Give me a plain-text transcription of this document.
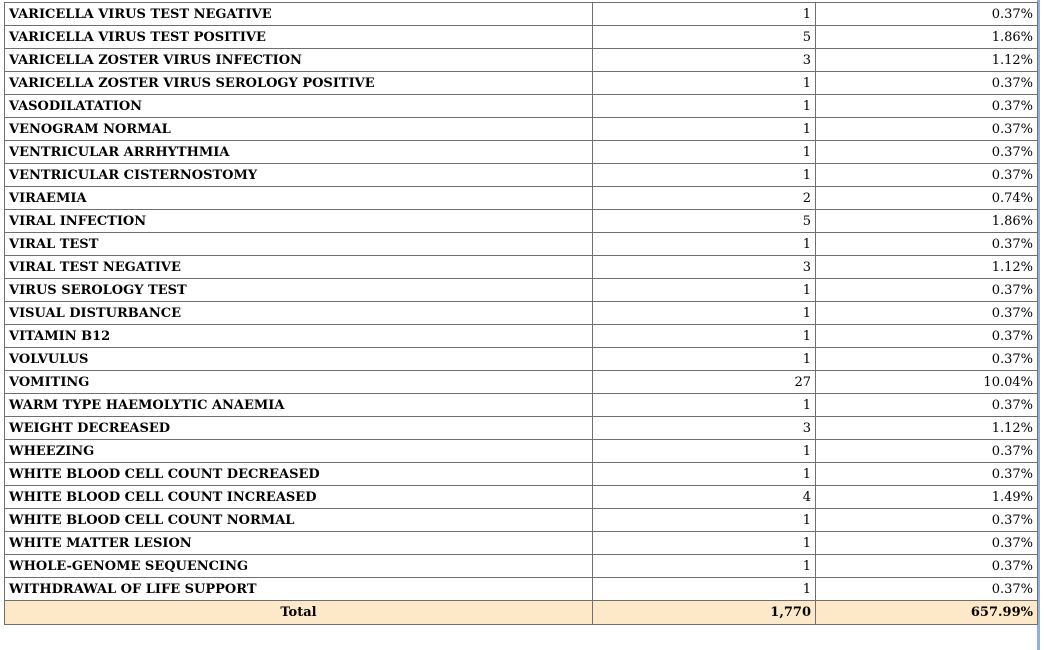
VARICELLA VIRUS TEST NEGATIVE	1	0.37%
VARICELLA VIRUS TEST POSITIVE	5	1.86%
VARICELLA ZOSTER VIRUS INFECTION	3	1.12%
VARICELLA ZOSTER VIRUS SEROLOGY POSITIVE	1	0.37%
VASODILATATION	1	0.37%
VENOGRAM NORMAL	1	0.37%
VENTRICULAR ARRHYTHMIA	1	0.37%
VENTRICULAR CISTERNOSTOMY	1	0.37%
VIRAEMIA	2	0.74%
VIRAL INFECTION	5	1.86%
VIRAL TEST	1	0.37%
VIRAL TEST NEGATIVE	3	1.12%
VIRUS SEROLOGY TEST	1	0.37%
VISUAL DISTURBANCE	1	0.37%
VITAMIN B12	1	0.37%
VOLVULUS	1	0.37%
VOMITING	27	10.04%
WARM TYPE HAEMOLYTIC ANAEMIA	1	0.37%
WEIGHT DECREASED	3	1.12%
WHEEZING	1	0.37%
WHITE BLOOD CELL COUNT DECREASED	1	0.37%
WHITE BLOOD CELL COUNT INCREASED	4	1.49%
WHITE BLOOD CELL COUNT NORMAL	1	0.37%
WHITE MATTER LESION	1	0.37%
WHOLE-GENOME SEQUENCING	1	0.37%
WITHDRAWAL OF LIFE SUPPORT	1	0.37%
Total	1,770	657.99%
